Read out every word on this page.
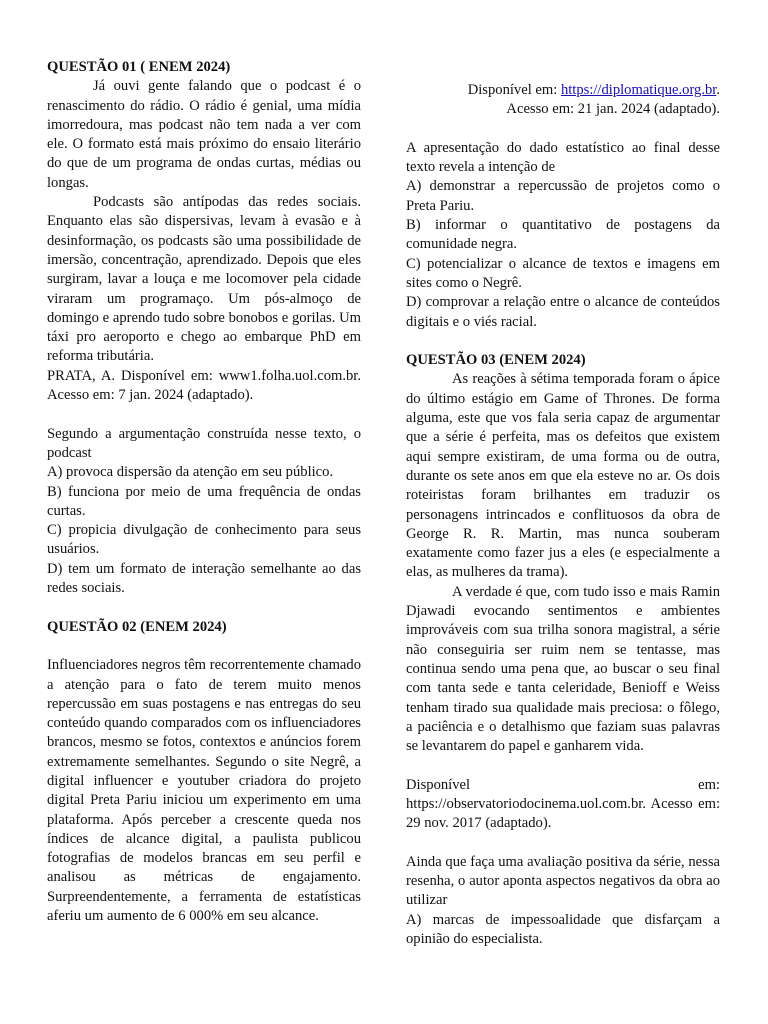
QUESTÃO 01 ( ENEM 2024)

Já ouvi gente falando que o podcast é o renascimento do rádio. O rádio é genial, uma mídia imorredoura, mas podcast não tem nada a ver com ele. O formato está mais próximo do ensaio literário do que de um programa de ondas curtas, médias ou longas.

Podcasts são antípodas das redes sociais. Enquanto elas são dispersivas, levam à evasão e à desinformação, os podcasts são uma possibilidade de imersão, concentração, aprendizado. Depois que eles surgiram, lavar a louça e me locomover pela cidade viraram um programaço. Um pós-almoço de domingo e aprendo tudo sobre bonobos e gorilas. Um táxi pro aeroporto e chego ao embarque PhD em reforma tributária.

PRATA, A. Disponível em: www1.folha.uol.com.br. Acesso em: 7 jan. 2024 (adaptado).

Segundo a argumentação construída nesse texto, o podcast

A) provoca dispersão da atenção em seu público.

B) funciona por meio de uma frequência de ondas curtas.

C) propicia divulgação de conhecimento para seus usuários.

D) tem um formato de interação semelhante ao das redes sociais.

QUESTÃO 02 (ENEM 2024)

Influenciadores negros têm recorrentemente chamado a atenção para o fato de terem muito menos repercussão em suas postagens e nas entregas do seu conteúdo quando comparados com os influenciadores brancos, mesmo se fotos, contextos e anúncios forem extremamente semelhantes. Segundo o site Negrê, a digital influencer e youtuber criadora do projeto digital Preta Pariu iniciou um experimento em uma plataforma. Após perceber a crescente queda nos índices de alcance digital, a paulista publicou fotografias de modelos brancas em seu perfil e analisou as métricas de engajamento. Surpreendentemente, a ferramenta de estatísticas aferiu um aumento de 6 000% em seu alcance.

Disponível em: https://diplomatique.org.br.

Acesso em: 21 jan. 2024 (adaptado).

A apresentação do dado estatístico ao final desse texto revela a intenção de

A) demonstrar a repercussão de projetos como o Preta Pariu.

B) informar o quantitativo de postagens da comunidade negra.

C) potencializar o alcance de textos e imagens em sites como o Negrê.

D) comprovar a relação entre o alcance de conteúdos digitais e o viés racial.

QUESTÃO 03 (ENEM 2024)

As reações à sétima temporada foram o ápice do último estágio em Game of Thrones. De forma alguma, este que vos fala seria capaz de argumentar que a série é perfeita, mas os defeitos que existem aqui sempre existiram, de uma forma ou de outra, durante os sete anos em que ela esteve no ar. Os dois roteiristas foram brilhantes em traduzir os personagens intrincados e conflituosos da obra de George R. R. Martin, mas nunca souberam exatamente como fazer jus a eles (e especialmente a elas, as mulheres da trama).

A verdade é que, com tudo isso e mais Ramin Djawadi evocando sentimentos e ambientes improváveis com sua trilha sonora magistral, a série não conseguiria ser ruim nem se tentasse, mas continua sendo uma pena que, ao buscar o seu final com tanta sede e tanta celeridade, Benioff e Weiss tenham tirado sua qualidade mais preciosa: o fôlego, a paciência e o detalhismo que faziam suas palavras se levantarem do papel e ganharem vida.

Disponível em: https://observatoriodocinema.uol.com.br. Acesso em: 29 nov. 2017 (adaptado).

Ainda que faça uma avaliação positiva da série, nessa resenha, o autor aponta aspectos negativos da obra ao utilizar

A) marcas de impessoalidade que disfarçam a opinião do especialista.
